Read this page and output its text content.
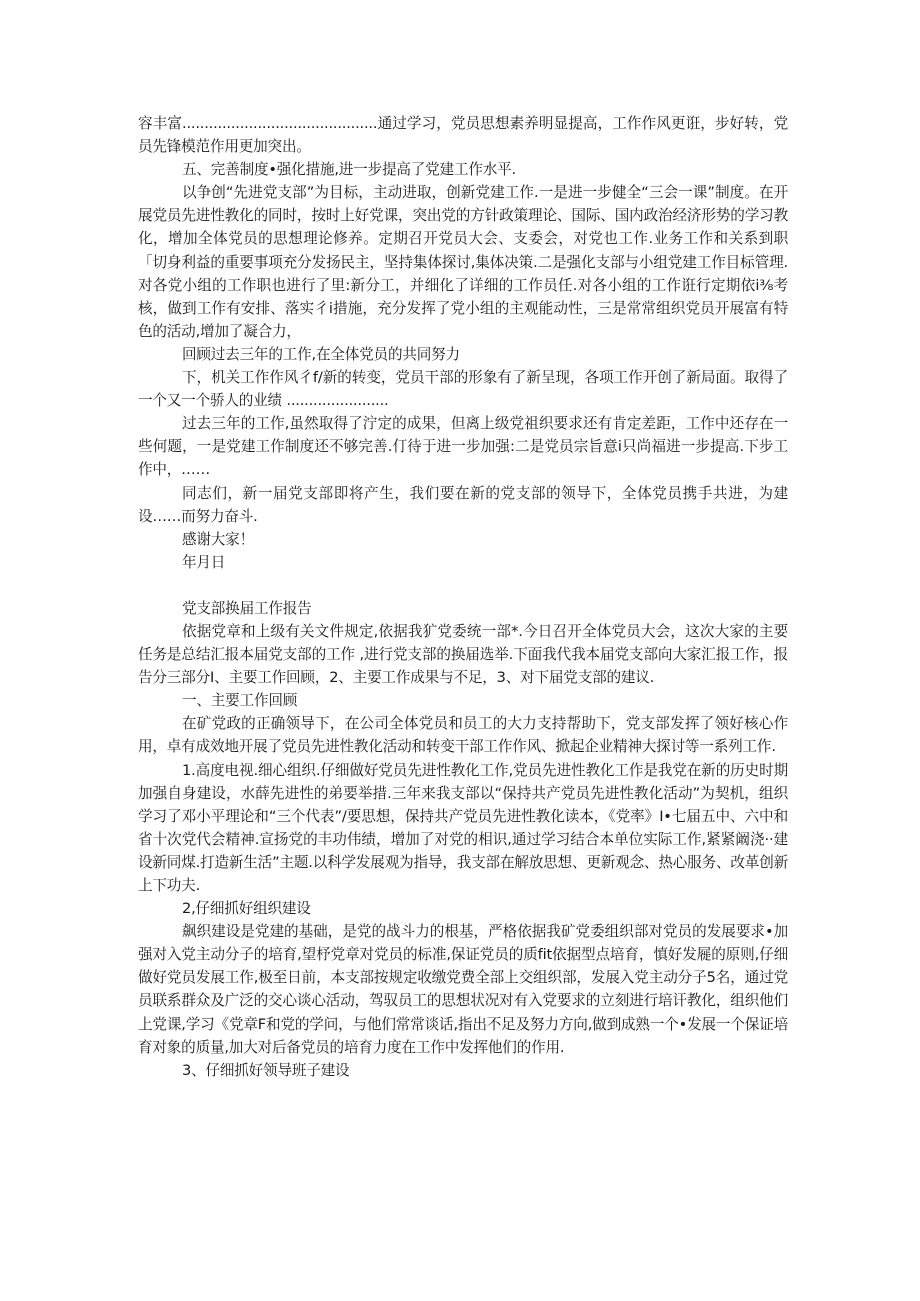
容丰富............................................通过学习，党员思想素养明显提高，工作作风更诳，步好转，党员先锋模范作用更加突出。

五、完善制度•强化措施,进一步提高了党建工作水平.

以争创“先进党支部”为目标，主动进取，创新党建工作.一是进一步健全“三会一课”制度。在开展党员先进性教化的同时，按时上好党课，突出党的方针政策理论、国际、国内政治经济形势的学习教化，增加全体党员的思想理论修养。定期召开党员大会、支委会，对党也工作.业务工作和关系到职「切身利益的重要事项充分发扬民主，坚持集体探讨,集体决策.二是强化支部与小组党建工作目标管理.对各党小组的工作职也进行了里:新分工，并细化了详细的工作员任.对各小组的工作诳行定期依i⅜考核，做到工作有安排、落实彳i措施，充分发挥了党小组的主观能动性，三是常常组织党员开展富有特色的活动,增加了凝合力，

回顾过去三年的工作,在全体党员的共同努力

下，机关工作作风彳f/新的转变，党员干部的形象有了新呈现，各项工作开创了新局面。取得了一个又一个骄人的业绩 .......................

过去三年的工作,虽然取得了泞定的成果，但离上级党祖织要求还有肯定差距，工作中还存在一些何题，一是党建工作制度还不够完善.仃待于进一步加强:二是党员宗旨意i只尚福进一步提高.下步工作中，……

同志们，新一届党支部即将产生，我们要在新的党支部的领导下，全体党员携手共进，为建设……而努力奋斗.

感谢大家！

年月日

党支部换届工作报告

依据党章和上级有关文件规定,依据我犷党委统一部*.今日召开全体党员大会，这次大家的主要任务是总结汇报本届党支部的工作 ,进行党支部的换届选举.下面我代我本届党支部向大家汇报工作，报告分三部分I、主要工作回顾，2、主要工作成果与不足，3、对下届党支部的建议.

一、主要工作回顾

在矿党政的正确领导下，在公司全体党员和员工的大力支持帮助下，党支部发挥了领好核心作用，卓有成效地开展了党员先进性教化活动和转变干部工作作风、掀起企业精神大探讨等一系列工作.

1.高度电视.细心组织.仔细做好党员先进性教化工作,党员先进性教化工作是我党在新的历史时期加强自身建设，水薛先进性的弟要举措.三年来我支部以“保持共产党员先进性教化活动”为契机，组织学习了邓小平理论和“三个代表”/要思想，保持共产党员先进性教化读本，《党率》I•七届五中、六中和省十次党代会精神.宣扬党的丰功伟绩，增加了对党的相识,通过学习结合本单位实际工作,紧紧阚浇··建设新同煤.打造新生活”主题.以科学发展观为指导，我支部在解放思想、更新观念、热心服务、改革创新上下功夫.

2,仔细抓好组织建设

飙织建设是党建的基础，是党的战斗力的根基，严格依据我矿党委组织部对党员的发展要求•加强对入党主动分子的培育,望杼党章对党员的标准,保证党员的质fit依据型点培育，慎好发屣的原则,仔细做好党员发展工作,极至日前，本支部按规定收缴党费全部上交组织部，发展入党主动分子5名，通过党员联系群众及广泛的交心谈心活动，驾驭员工的思想状况对有入党要求的立刻进行培讦教化，组织他们上党课,学习《党章F和党的学问，与他们常常谈话,指出不足及努力方向,做到成熟一个•发展一个保证培育对象的质量,加大对后备党员的培育力度在工作中发挥他们的作用.

3、仔细抓好领导班子建设
